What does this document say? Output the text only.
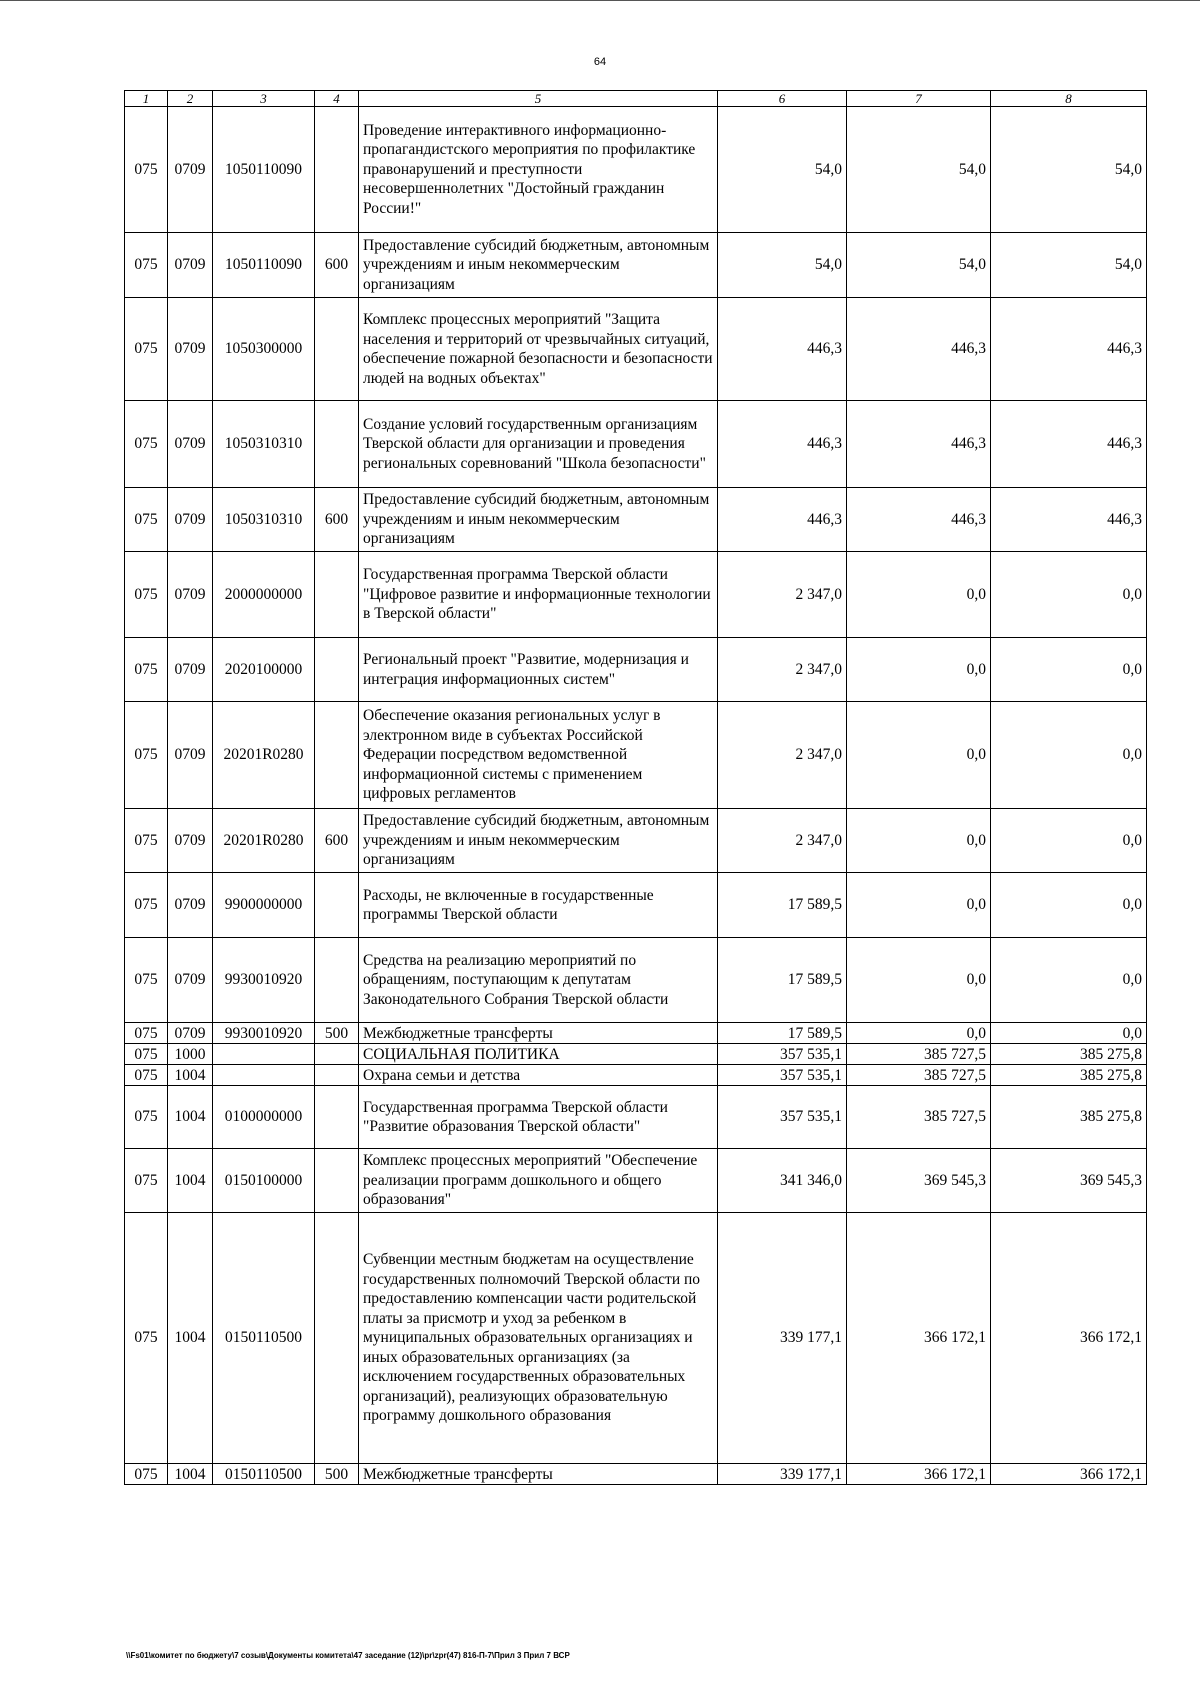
64
1	2	3	4	5	6	7	8
075	0709	1050110090		Проведение интерактивного информационно-пропагандистского мероприятия по профилактике правонарушений и преступности несовершеннолетних "Достойный гражданин России!"	54,0	54,0	54,0
075	0709	1050110090	600	Предоставление субсидий бюджетным, автономным учреждениям и иным некоммерческим организациям	54,0	54,0	54,0
075	0709	1050300000		Комплекс процессных мероприятий "Защита населения и территорий от чрезвычайных ситуаций, обеспечение пожарной безопасности и безопасности людей на водных объектах"	446,3	446,3	446,3
075	0709	1050310310		Создание условий государственным организациям Тверской области для организации и проведения региональных соревнований "Школа безопасности"	446,3	446,3	446,3
075	0709	1050310310	600	Предоставление субсидий бюджетным, автономным учреждениям и иным некоммерческим организациям	446,3	446,3	446,3
075	0709	2000000000		Государственная программа Тверской области "Цифровое развитие и информационные технологии в Тверской области"	2 347,0	0,0	0,0
075	0709	2020100000		Региональный проект "Развитие, модернизация и интеграция информационных систем"	2 347,0	0,0	0,0
075	0709	20201R0280		Обеспечение оказания региональных услуг в электронном виде в субъектах Российской Федерации посредством ведомственной информационной системы с применением цифровых регламентов	2 347,0	0,0	0,0
075	0709	20201R0280	600	Предоставление субсидий бюджетным, автономным учреждениям и иным некоммерческим организациям	2 347,0	0,0	0,0
075	0709	9900000000		Расходы, не включенные в государственные программы Тверской области	17 589,5	0,0	0,0
075	0709	9930010920		Средства на реализацию мероприятий по обращениям, поступающим к депутатам Законодательного Собрания Тверской области	17 589,5	0,0	0,0
075	0709	9930010920	500	Межбюджетные трансферты	17 589,5	0,0	0,0
075	1000			СОЦИАЛЬНАЯ ПОЛИТИКА	357 535,1	385 727,5	385 275,8
075	1004			Охрана семьи и детства	357 535,1	385 727,5	385 275,8
075	1004	0100000000		Государственная программа Тверской области "Развитие образования Тверской области"	357 535,1	385 727,5	385 275,8
075	1004	0150100000		Комплекс процессных мероприятий "Обеспечение реализации программ дошкольного и общего образования"	341 346,0	369 545,3	369 545,3
075	1004	0150110500		Субвенции местным бюджетам на осуществление государственных полномочий Тверской области по предоставлению компенсации части родительской платы за присмотр и уход за ребенком в муниципальных образовательных организациях и иных образовательных организациях (за исключением государственных образовательных организаций), реализующих образовательную программу дошкольного образования	339 177,1	366 172,1	366 172,1
075	1004	0150110500	500	Межбюджетные трансферты	339 177,1	366 172,1	366 172,1
\\Fs01\комитет по бюджету\7 созыв\Документы комитета\47 заседание (12)\pr\zpr(47) 816-П-7\Прил 3 Прил 7 ВСР
